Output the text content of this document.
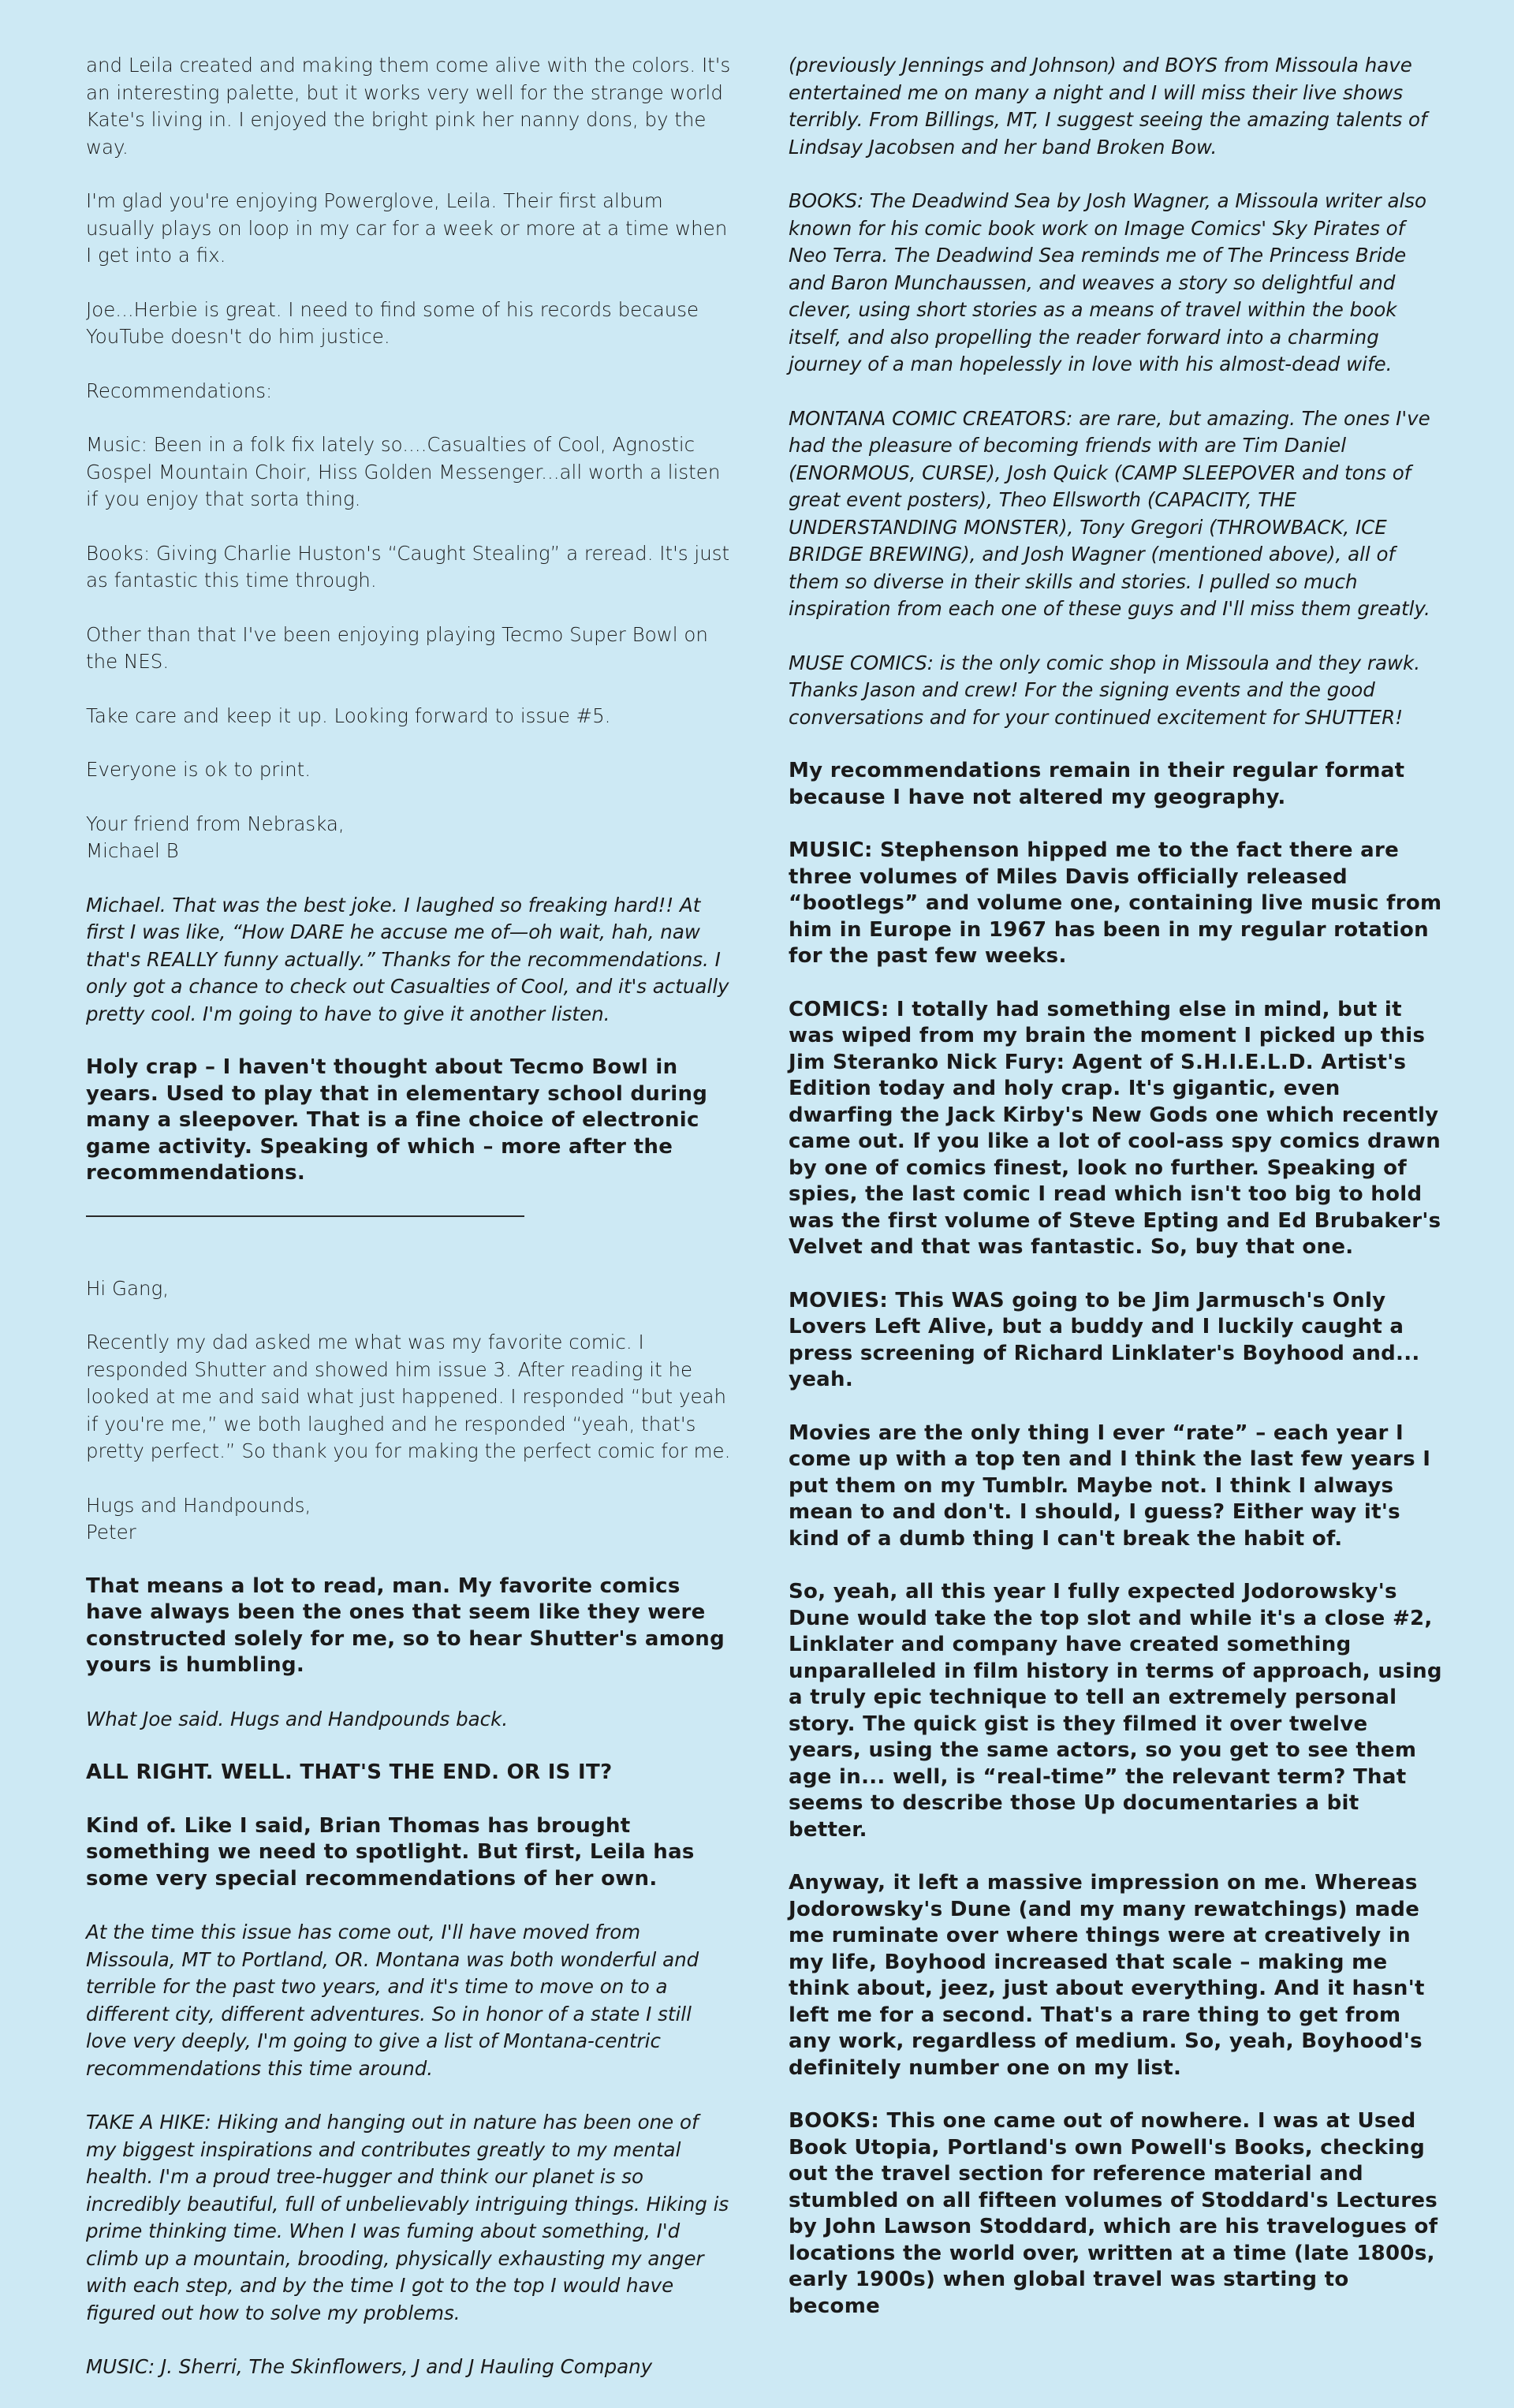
and Leila created and making them come alive with the colors. It's an interesting palette, but it works very well for the strange world Kate's living in. I enjoyed the bright pink her nanny dons, by the way.

I'm glad you're enjoying Powerglove, Leila. Their first album usually plays on loop in my car for a week or more at a time when I get into a fix.

Joe...Herbie is great. I need to find some of his records because YouTube doesn't do him justice.

Recommendations:

Music: Been in a folk fix lately so....Casualties of Cool, Agnostic Gospel Mountain Choir, Hiss Golden Messenger...all worth a listen if you enjoy that sorta thing.

Books: Giving Charlie Huston's “Caught Stealing” a reread. It's just as fantastic this time through.

Other than that I've been enjoying playing Tecmo Super Bowl on the NES.

Take care and keep it up. Looking forward to issue #5.

Everyone is ok to print.

Your friend from Nebraska,
Michael B

Michael. That was the best joke. I laughed so freaking hard!! At first I was like, “How DARE he accuse me of—oh wait, hah, naw that's REALLY funny actually.” Thanks for the recommendations. I only got a chance to check out Casualties of Cool, and it's actually pretty cool. I'm going to have to give it another listen.

Holy crap – I haven't thought about Tecmo Bowl in years. Used to play that in elementary school during many a sleepover. That is a fine choice of electronic game activity. Speaking of which – more after the recommendations.

Hi Gang,

Recently my dad asked me what was my favorite comic. I responded Shutter and showed him issue 3. After reading it he looked at me and said what just happened. I responded “but yeah if you're me,” we both laughed and he responded “yeah, that's pretty perfect.” So thank you for making the perfect comic for me.

Hugs and Handpounds,
Peter

That means a lot to read, man. My favorite comics have always been the ones that seem like they were constructed solely for me, so to hear Shutter's among yours is humbling.

What Joe said. Hugs and Handpounds back.

ALL RIGHT. WELL. THAT'S THE END. OR IS IT?

Kind of. Like I said, Brian Thomas has brought something we need to spotlight. But first, Leila has some very special recommendations of her own.

At the time this issue has come out, I'll have moved from Missoula, MT to Portland, OR. Montana was both wonderful and terrible for the past two years, and it's time to move on to a different city, different adventures. So in honor of a state I still love very deeply, I'm going to give a list of Montana-centric recommendations this time around.

TAKE A HIKE: Hiking and hanging out in nature has been one of my biggest inspirations and contributes greatly to my mental health. I'm a proud tree-hugger and think our planet is so incredibly beautiful, full of unbelievably intriguing things. Hiking is prime thinking time. When I was fuming about something, I'd climb up a mountain, brooding, physically exhausting my anger with each step, and by the time I got to the top I would have figured out how to solve my problems.

MUSIC: J. Sherri, The Skinflowers, J and J Hauling Company

(previously Jennings and Johnson) and BOYS from Missoula have entertained me on many a night and I will miss their live shows terribly. From Billings, MT, I suggest seeing the amazing talents of Lindsay Jacobsen and her band Broken Bow.

BOOKS: The Deadwind Sea by Josh Wagner, a Missoula writer also known for his comic book work on Image Comics' Sky Pirates of Neo Terra. The Deadwind Sea reminds me of The Princess Bride and Baron Munchaussen, and weaves a story so delightful and clever, using short stories as a means of travel within the book itself, and also propelling the reader forward into a charming journey of a man hopelessly in love with his almost-dead wife.

MONTANA COMIC CREATORS: are rare, but amazing. The ones I've had the pleasure of becoming friends with are Tim Daniel (ENORMOUS, CURSE), Josh Quick (CAMP SLEEPOVER and tons of great event posters), Theo Ellsworth (CAPACITY, THE UNDERSTANDING MONSTER), Tony Gregori (THROWBACK, ICE BRIDGE BREWING), and Josh Wagner (mentioned above), all of them so diverse in their skills and stories. I pulled so much inspiration from each one of these guys and I'll miss them greatly.

MUSE COMICS: is the only comic shop in Missoula and they rawk. Thanks Jason and crew! For the signing events and the good conversations and for your continued excitement for SHUTTER!

My recommendations remain in their regular format because I have not altered my geography.

MUSIC: Stephenson hipped me to the fact there are three volumes of Miles Davis officially released “bootlegs” and volume one, containing live music from him in Europe in 1967 has been in my regular rotation for the past few weeks.

COMICS: I totally had something else in mind, but it was wiped from my brain the moment I picked up this Jim Steranko Nick Fury: Agent of S.H.I.E.L.D. Artist's Edition today and holy crap. It's gigantic, even dwarfing the Jack Kirby's New Gods one which recently came out. If you like a lot of cool-ass spy comics drawn by one of comics finest, look no further. Speaking of spies, the last comic I read which isn't too big to hold was the first volume of Steve Epting and Ed Brubaker's Velvet and that was fantastic. So, buy that one.

MOVIES: This WAS going to be Jim Jarmusch's Only Lovers Left Alive, but a buddy and I luckily caught a press screening of Richard Linklater's Boyhood and... yeah.

Movies are the only thing I ever “rate” – each year I come up with a top ten and I think the last few years I put them on my Tumblr. Maybe not. I think I always mean to and don't. I should, I guess? Either way it's kind of a dumb thing I can't break the habit of.

So, yeah, all this year I fully expected Jodorowsky's Dune would take the top slot and while it's a close #2, Linklater and company have created something unparalleled in film history in terms of approach, using a truly epic technique to tell an extremely personal story. The quick gist is they filmed it over twelve years, using the same actors, so you get to see them age in... well, is “real-time” the relevant term? That seems to describe those Up documentaries a bit better.

Anyway, it left a massive impression on me. Whereas Jodorowsky's Dune (and my many rewatchings) made me ruminate over where things were at creatively in my life, Boyhood increased that scale – making me think about, jeez, just about everything. And it hasn't left me for a second. That's a rare thing to get from any work, regardless of medium. So, yeah, Boyhood's definitely number one on my list.

BOOKS: This one came out of nowhere. I was at Used Book Utopia, Portland's own Powell's Books, checking out the travel section for reference material and stumbled on all fifteen volumes of Stoddard's Lectures by John Lawson Stoddard, which are his travelogues of locations the world over, written at a time (late 1800s, early 1900s) when global travel was starting to become
